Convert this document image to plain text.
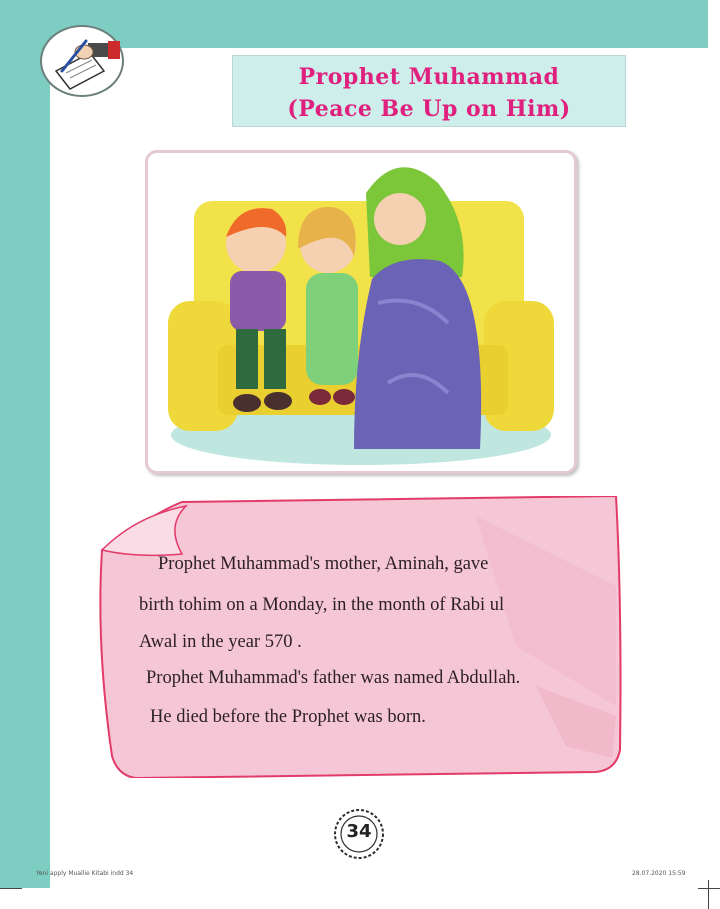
Prophet Muhammad
(Peace Be Up on Him)

Prophet Muhammad's mother, Aminah, gave

birth tohim on a Monday, in the month of Rabi ul

Awal in the year 570 .

Prophet Muhammad's father was named Abdullah.

He died before the Prophet was born.

34
Yeni apply Muallie Kitabi indd 34	28.07.2020 15:59
